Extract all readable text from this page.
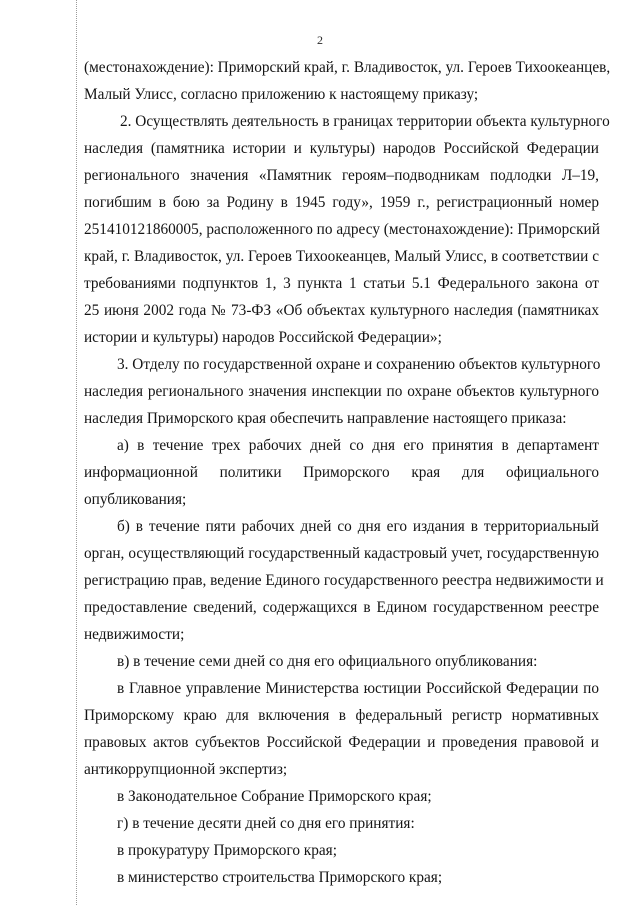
2
(местонахождение): Приморский край, г. Владивосток, ул. Героев Тихоокеанцев,
Малый Улисс, согласно приложению к настоящему приказу;
2. Осуществлять деятельность в границах территории объекта культурного
наследия (памятника истории и культуры) народов Российской Федерации
регионального значения «Памятник героям–подводникам подлодки Л–19,
погибшим в бою за Родину в 1945 году», 1959 г., регистрационный номер
251410121860005, расположенного по адресу (местонахождение): Приморский
край, г. Владивосток, ул. Героев Тихоокеанцев, Малый Улисс, в соответствии с
требованиями подпунктов 1, 3 пункта 1 статьи 5.1 Федерального закона от
25 июня 2002 года № 73-ФЗ «Об объектах культурного наследия (памятниках
истории и культуры) народов Российской Федерации»;
3. Отделу по государственной охране и сохранению объектов культурного
наследия регионального значения инспекции по охране объектов культурного
наследия Приморского края обеспечить направление настоящего приказа:
а) в течение трех рабочих дней со дня его принятия в департамент
информационной политики Приморского края для официального
опубликования;
б) в течение пяти рабочих дней со дня его издания в территориальный
орган, осуществляющий государственный кадастровый учет, государственную
регистрацию прав, ведение Единого государственного реестра недвижимости и
предоставление сведений, содержащихся в Едином государственном реестре
недвижимости;
в) в течение семи дней со дня его официального опубликования:
в Главное управление Министерства юстиции Российской Федерации по
Приморскому краю для включения в федеральный регистр нормативных
правовых актов субъектов Российской Федерации и проведения правовой и
антикоррупционной экспертиз;
в Законодательное Собрание Приморского края;
г) в течение десяти дней со дня его принятия:
в прокуратуру Приморского края;
в министерство строительства Приморского края;
